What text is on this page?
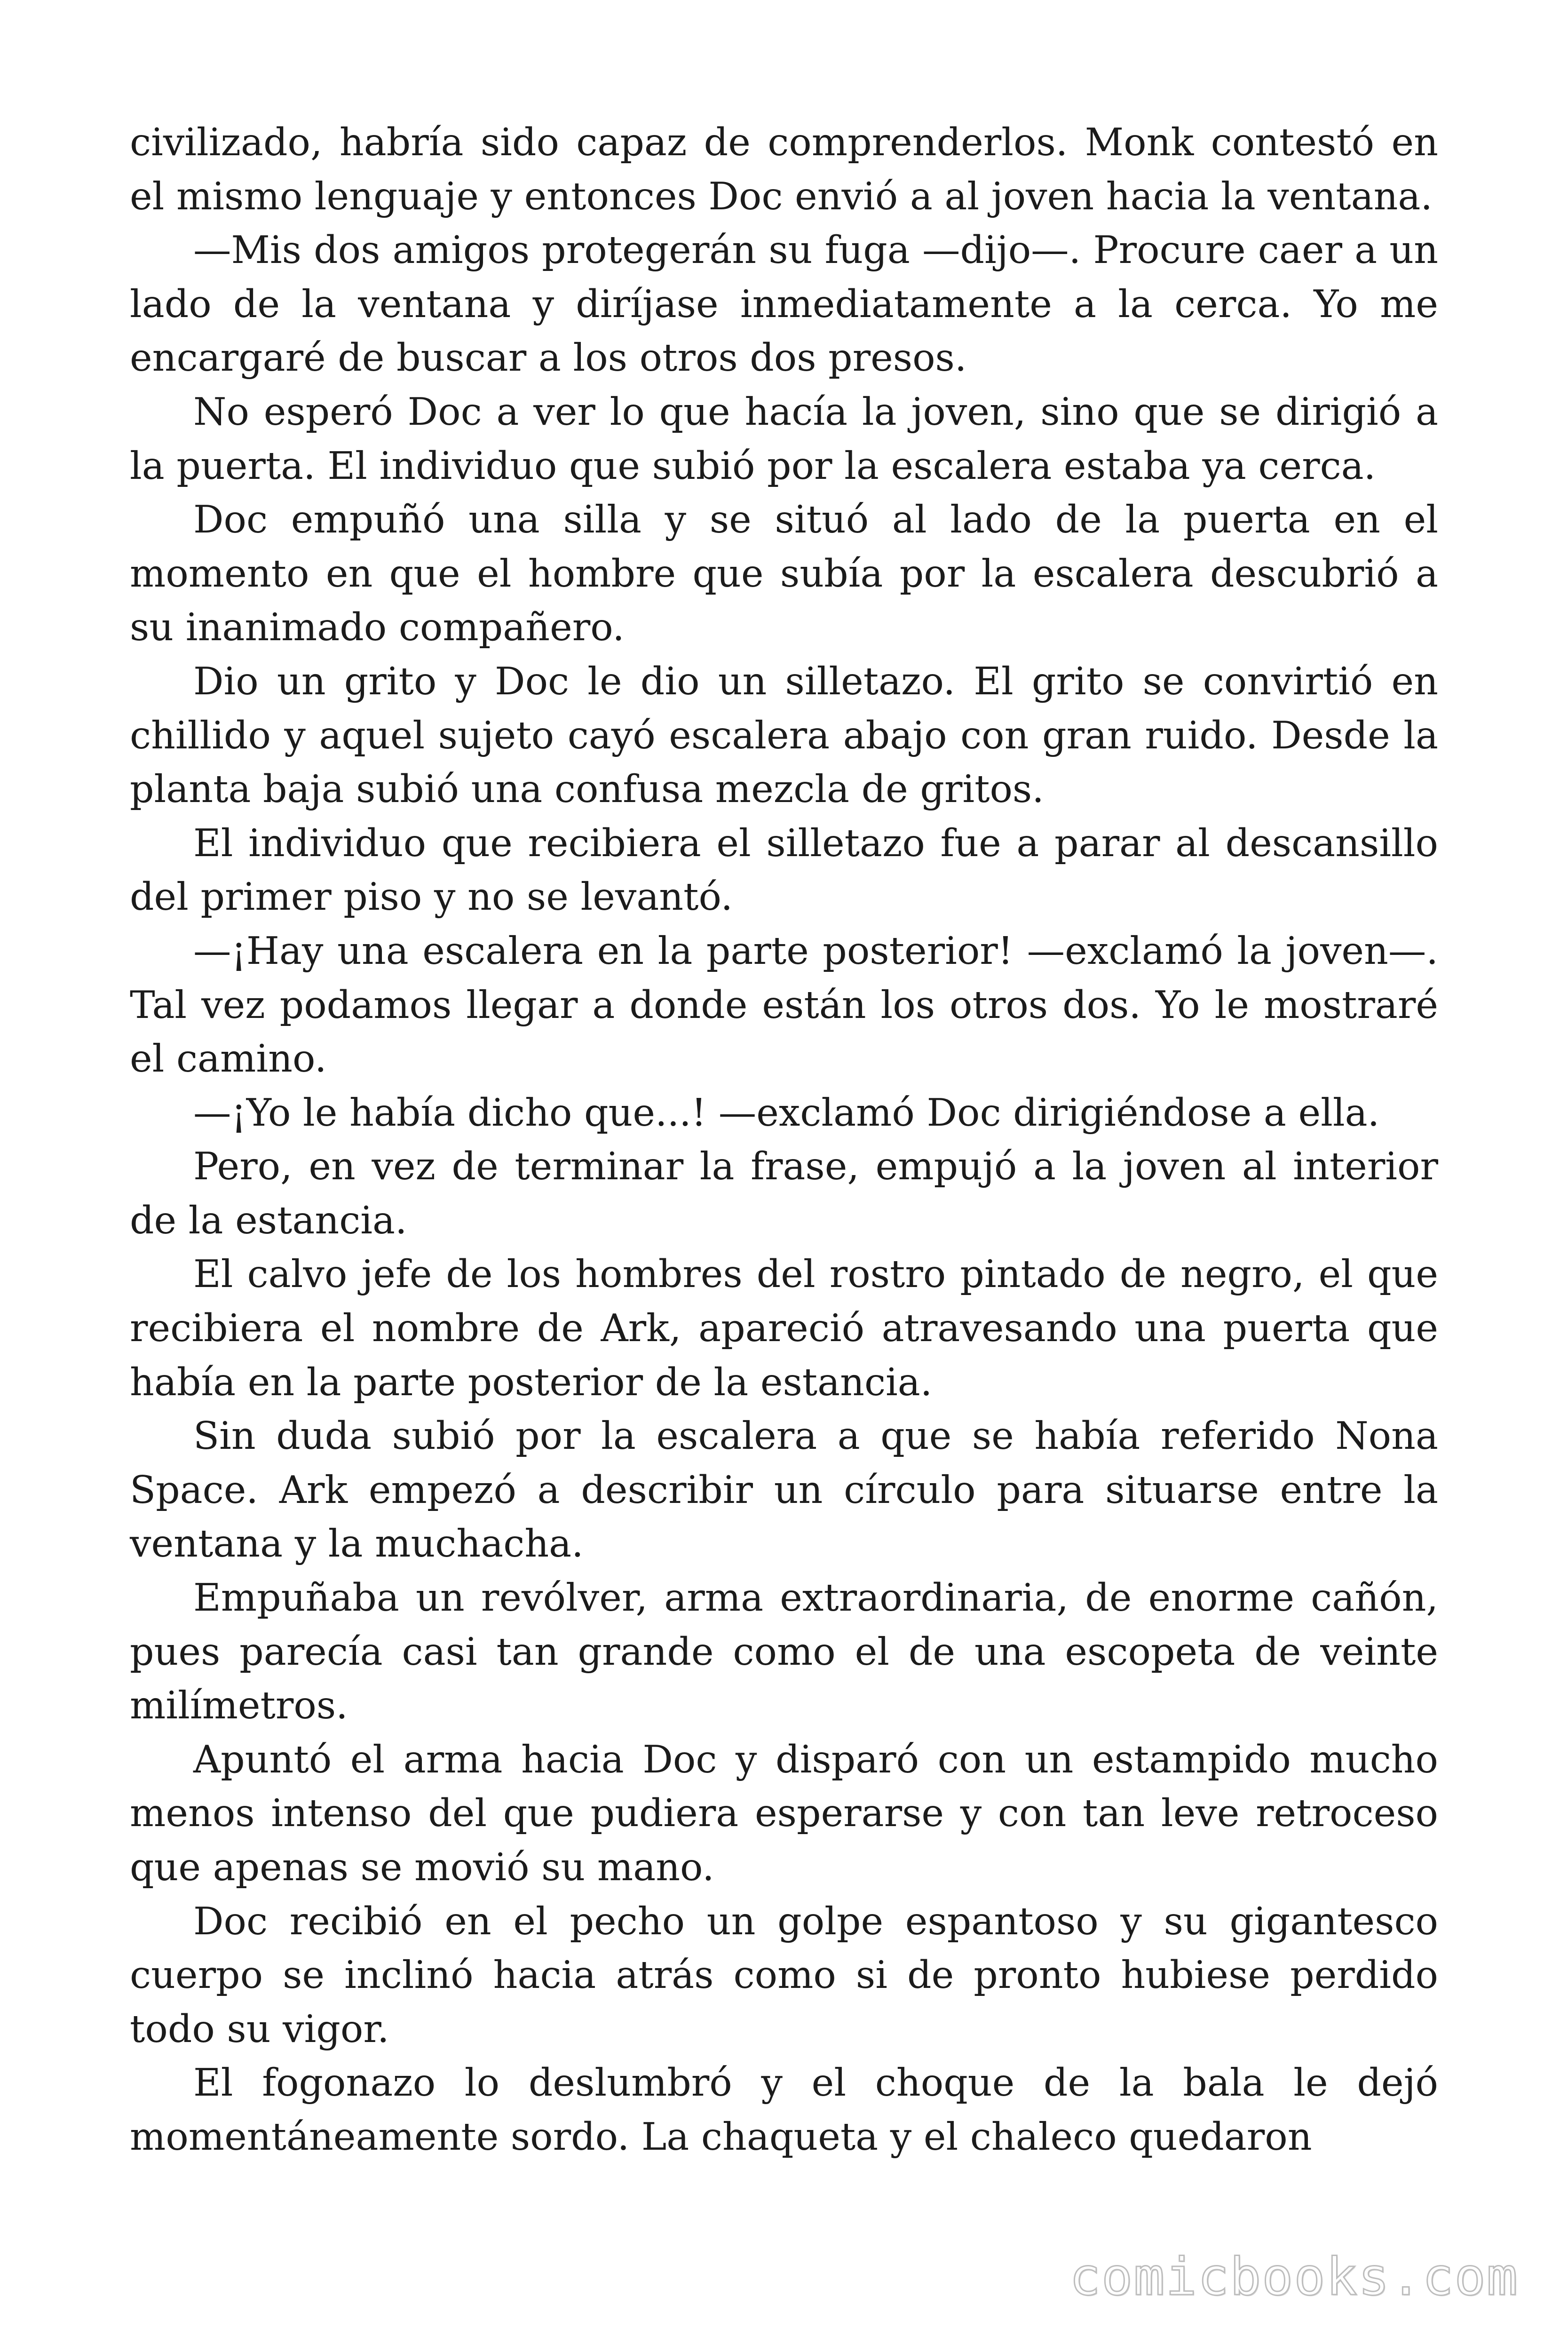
civilizado, habría sido capaz de comprenderlos. Monk contestó en el mismo lenguaje y entonces Doc envió a al joven hacia la ventana.

—Mis dos amigos protegerán su fuga —dijo—. Procure caer a un lado de la ventana y diríjase inmediatamente a la cerca. Yo me encargaré de buscar a los otros dos presos.

No esperó Doc a ver lo que hacía la joven, sino que se dirigió a la puerta. El individuo que subió por la escalera estaba ya cerca.

Doc empuñó una silla y se situó al lado de la puerta en el momento en que el hombre que subía por la escalera descubrió a su inanimado compañero.

Dio un grito y Doc le dio un silletazo. El grito se convirtió en chillido y aquel sujeto cayó escalera abajo con gran ruido. Desde la planta baja subió una confusa mezcla de gritos.

El individuo que recibiera el silletazo fue a parar al descansillo del primer piso y no se levantó.

—¡Hay una escalera en la parte posterior! —exclamó la joven—. Tal vez podamos llegar a donde están los otros dos. Yo le mostraré el camino.

—¡Yo le había dicho que...! —exclamó Doc dirigiéndose a ella.

Pero, en vez de terminar la frase, empujó a la joven al interior de la estancia.

El calvo jefe de los hombres del rostro pintado de negro, el que recibiera el nombre de Ark, apareció atravesando una puerta que había en la parte posterior de la estancia.

Sin duda subió por la escalera a que se había referido Nona Space. Ark empezó a describir un círculo para situarse entre la ventana y la muchacha.

Empuñaba un revólver, arma extraordinaria, de enorme cañón, pues parecía casi tan grande como el de una escopeta de veinte milímetros.

Apuntó el arma hacia Doc y disparó con un estampido mucho menos intenso del que pudiera esperarse y con tan leve retroceso que apenas se movió su mano.

Doc recibió en el pecho un golpe espantoso y su gigantesco cuerpo se inclinó hacia atrás como si de pronto hubiese perdido todo su vigor.

El fogonazo lo deslumbró y el choque de la bala le dejó momentáneamente sordo. La chaqueta y el chaleco quedaron

comicbooks.com
